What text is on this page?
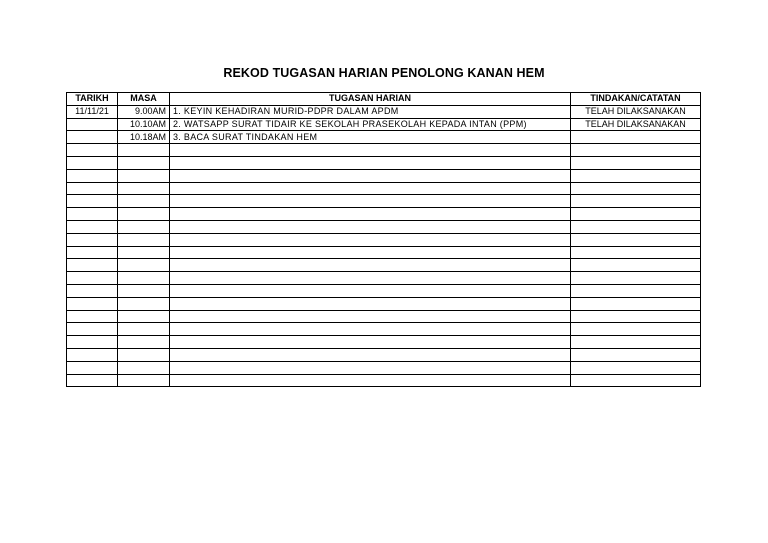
REKOD TUGASAN HARIAN PENOLONG KANAN HEM
TARIKH	MASA	TUGASAN HARIAN	TINDAKAN/CATATAN
11/11/21	9.00AM	1. KEYIN KEHADIRAN MURID-PDPR DALAM APDM	TELAH DILAKSANAKAN
	10.10AM	2. WATSAPP SURAT TIDAIR KE SEKOLAH PRASEKOLAH KEPADA INTAN (PPM)	TELAH DILAKSANAKAN
	10.18AM	3. BACA SURAT TINDAKAN HEM	
